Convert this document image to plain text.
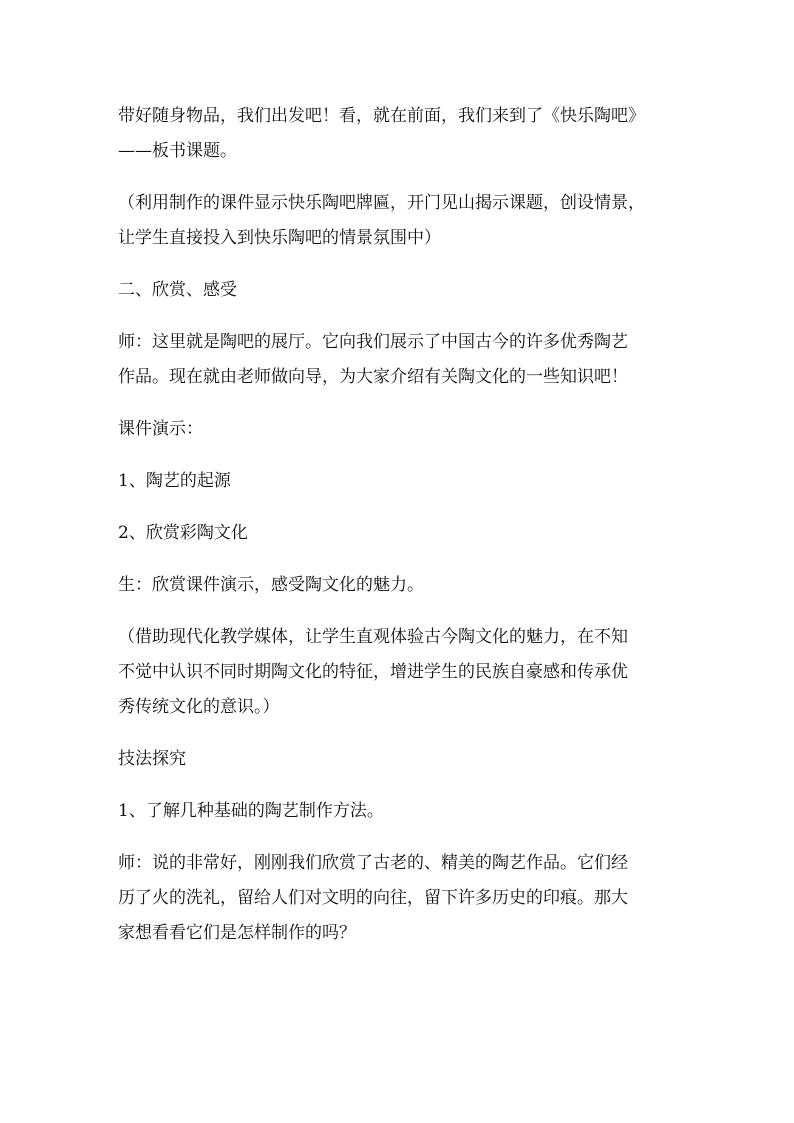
带好随身物品，我们出发吧！看，就在前面，我们来到了《快乐陶吧》
——板书课题。

（利用制作的课件显示快乐陶吧牌匾，开门见山揭示课题，创设情景，
让学生直接投入到快乐陶吧的情景氛围中）

二、欣赏、感受

师：这里就是陶吧的展厅。它向我们展示了中国古今的许多优秀陶艺
作品。现在就由老师做向导，为大家介绍有关陶文化的一些知识吧！

课件演示：

1、陶艺的起源

2、欣赏彩陶文化

生：欣赏课件演示，感受陶文化的魅力。

（借助现代化教学媒体，让学生直观体验古今陶文化的魅力，在不知
不觉中认识不同时期陶文化的特征，增进学生的民族自豪感和传承优
秀传统文化的意识。）

技法探究

1、了解几种基础的陶艺制作方法。

师：说的非常好，刚刚我们欣赏了古老的、精美的陶艺作品。它们经
历了火的洗礼，留给人们对文明的向往，留下许多历史的印痕。那大
家想看看它们是怎样制作的吗？
